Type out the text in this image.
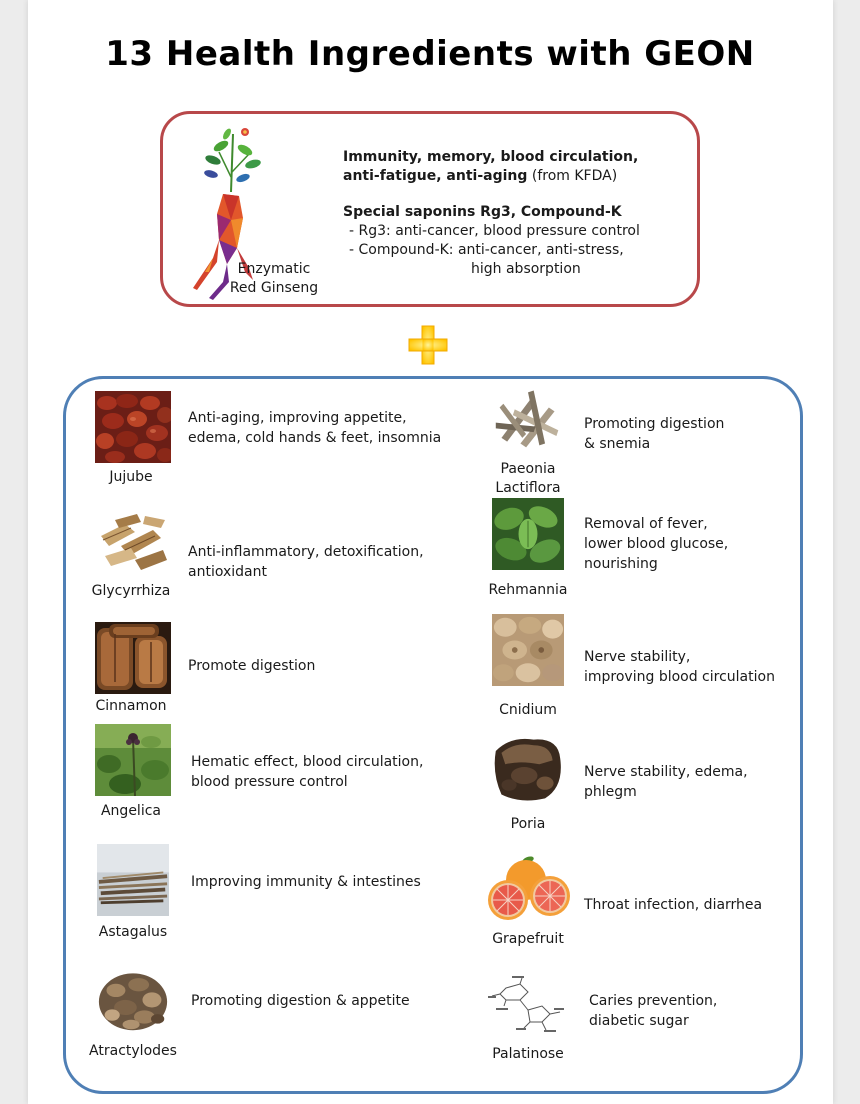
13 Health Ingredients with GEON
Enzymatic
Red Ginseng
Immunity, memory, blood circulation,
anti-fatigue, anti-aging (from KFDA)
Special saponins Rg3, Compound-K
- Rg3: anti-cancer, blood pressure control
- Compound-K: anti-cancer, anti-stress,
high absorption
Jujube
Anti-aging, improving appetite,
edema, cold hands & feet, insomnia
Glycyrrhiza
Anti-inflammatory, detoxification,
antioxidant
Cinnamon
Promote digestion
Angelica
Hematic effect, blood circulation,
blood pressure control
Astagalus
Improving immunity & intestines
Atractylodes
Promoting digestion & appetite
Paeonia
Lactiflora
Promoting digestion
& snemia
Rehmannia
Removal of fever,
lower blood glucose,
nourishing
Cnidium
Nerve stability,
improving blood circulation
Poria
Nerve stability, edema,
phlegm
Grapefruit
Throat infection, diarrhea
Palatinose
Caries prevention,
diabetic sugar
